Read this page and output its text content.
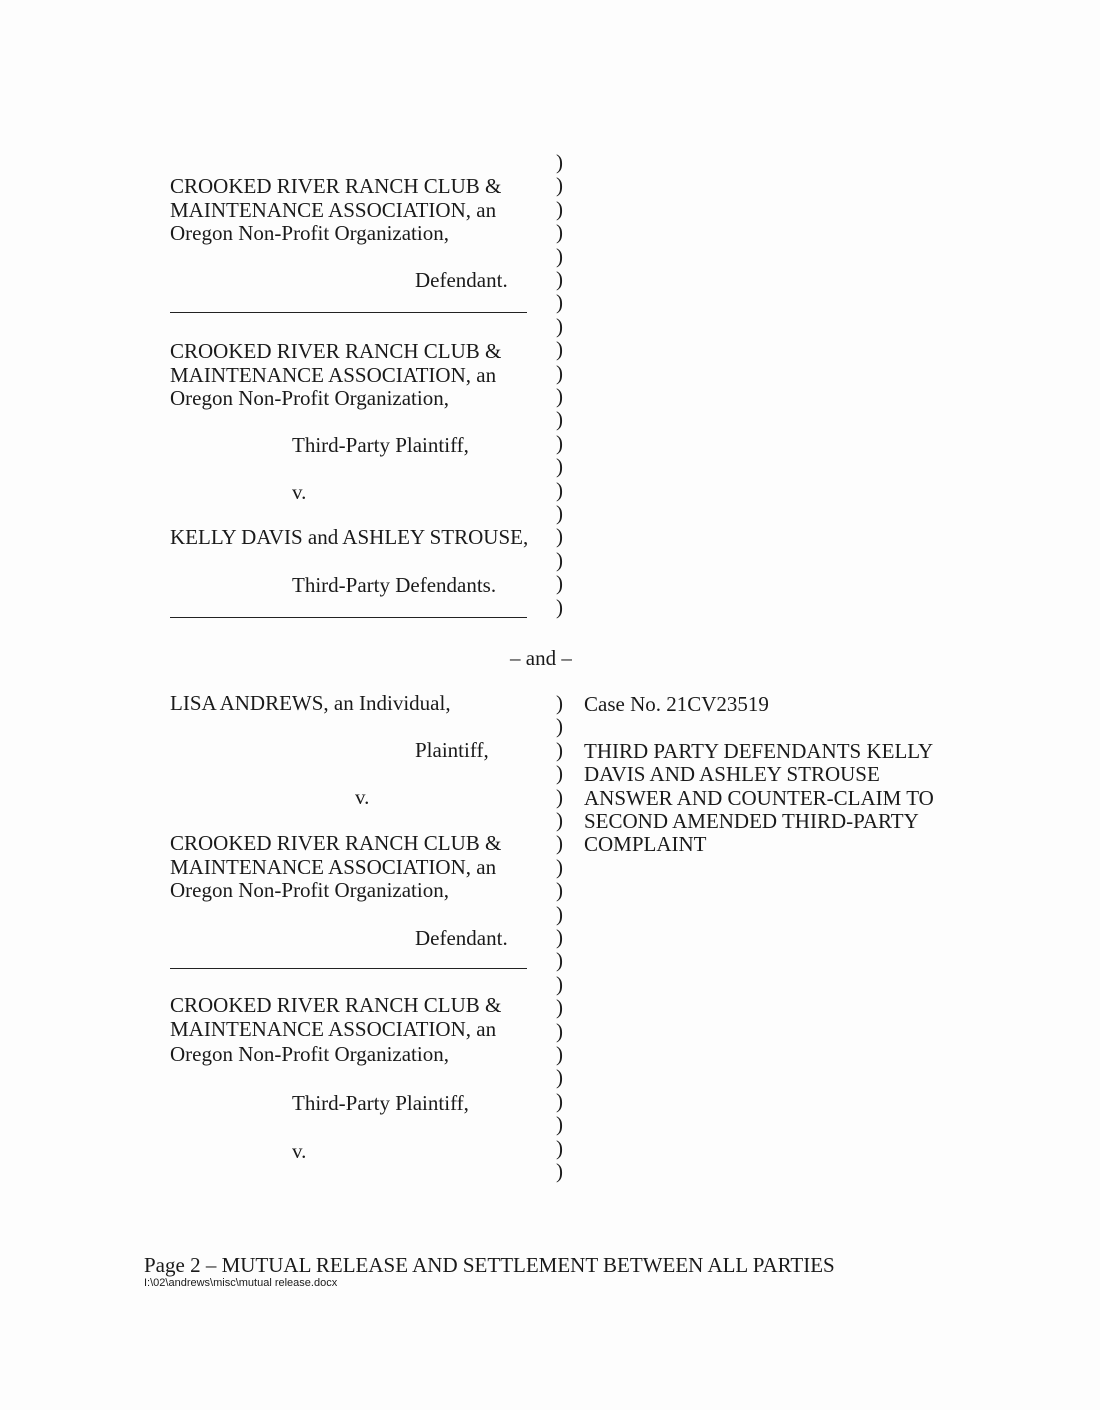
CROOKED RIVER RANCH CLUB &
MAINTENANCE ASSOCIATION, an
Oregon Non-Profit Organization,
Defendant.
CROOKED RIVER RANCH CLUB &
MAINTENANCE ASSOCIATION, an
Oregon Non-Profit Organization,
Third-Party Plaintiff,
v.
KELLY DAVIS and ASHLEY STROUSE,
Third-Party Defendants.
– and –
LISA ANDREWS, an Individual,
Plaintiff,
v.
CROOKED RIVER RANCH CLUB &
MAINTENANCE ASSOCIATION, an
Oregon Non-Profit Organization,
Defendant.
CROOKED RIVER RANCH CLUB &
MAINTENANCE ASSOCIATION, an
Oregon Non-Profit Organization,
Third-Party Plaintiff,
v.
Case No. 21CV23519
THIRD PARTY DEFENDANTS KELLY
DAVIS AND ASHLEY STROUSE
ANSWER AND COUNTER-CLAIM TO
SECOND AMENDED THIRD-PARTY
COMPLAINT
)
)
)
)
)
)
)
)
)
)
)
)
)
)
)
)
)
)
)
)
)
)
)
)
)
)
)
)
)
)
)
)
)
)
)
)
)
)
)
)
)
Page 2 – MUTUAL RELEASE AND SETTLEMENT BETWEEN ALL PARTIES
I:\02\andrews\misc\mutual release.docx
